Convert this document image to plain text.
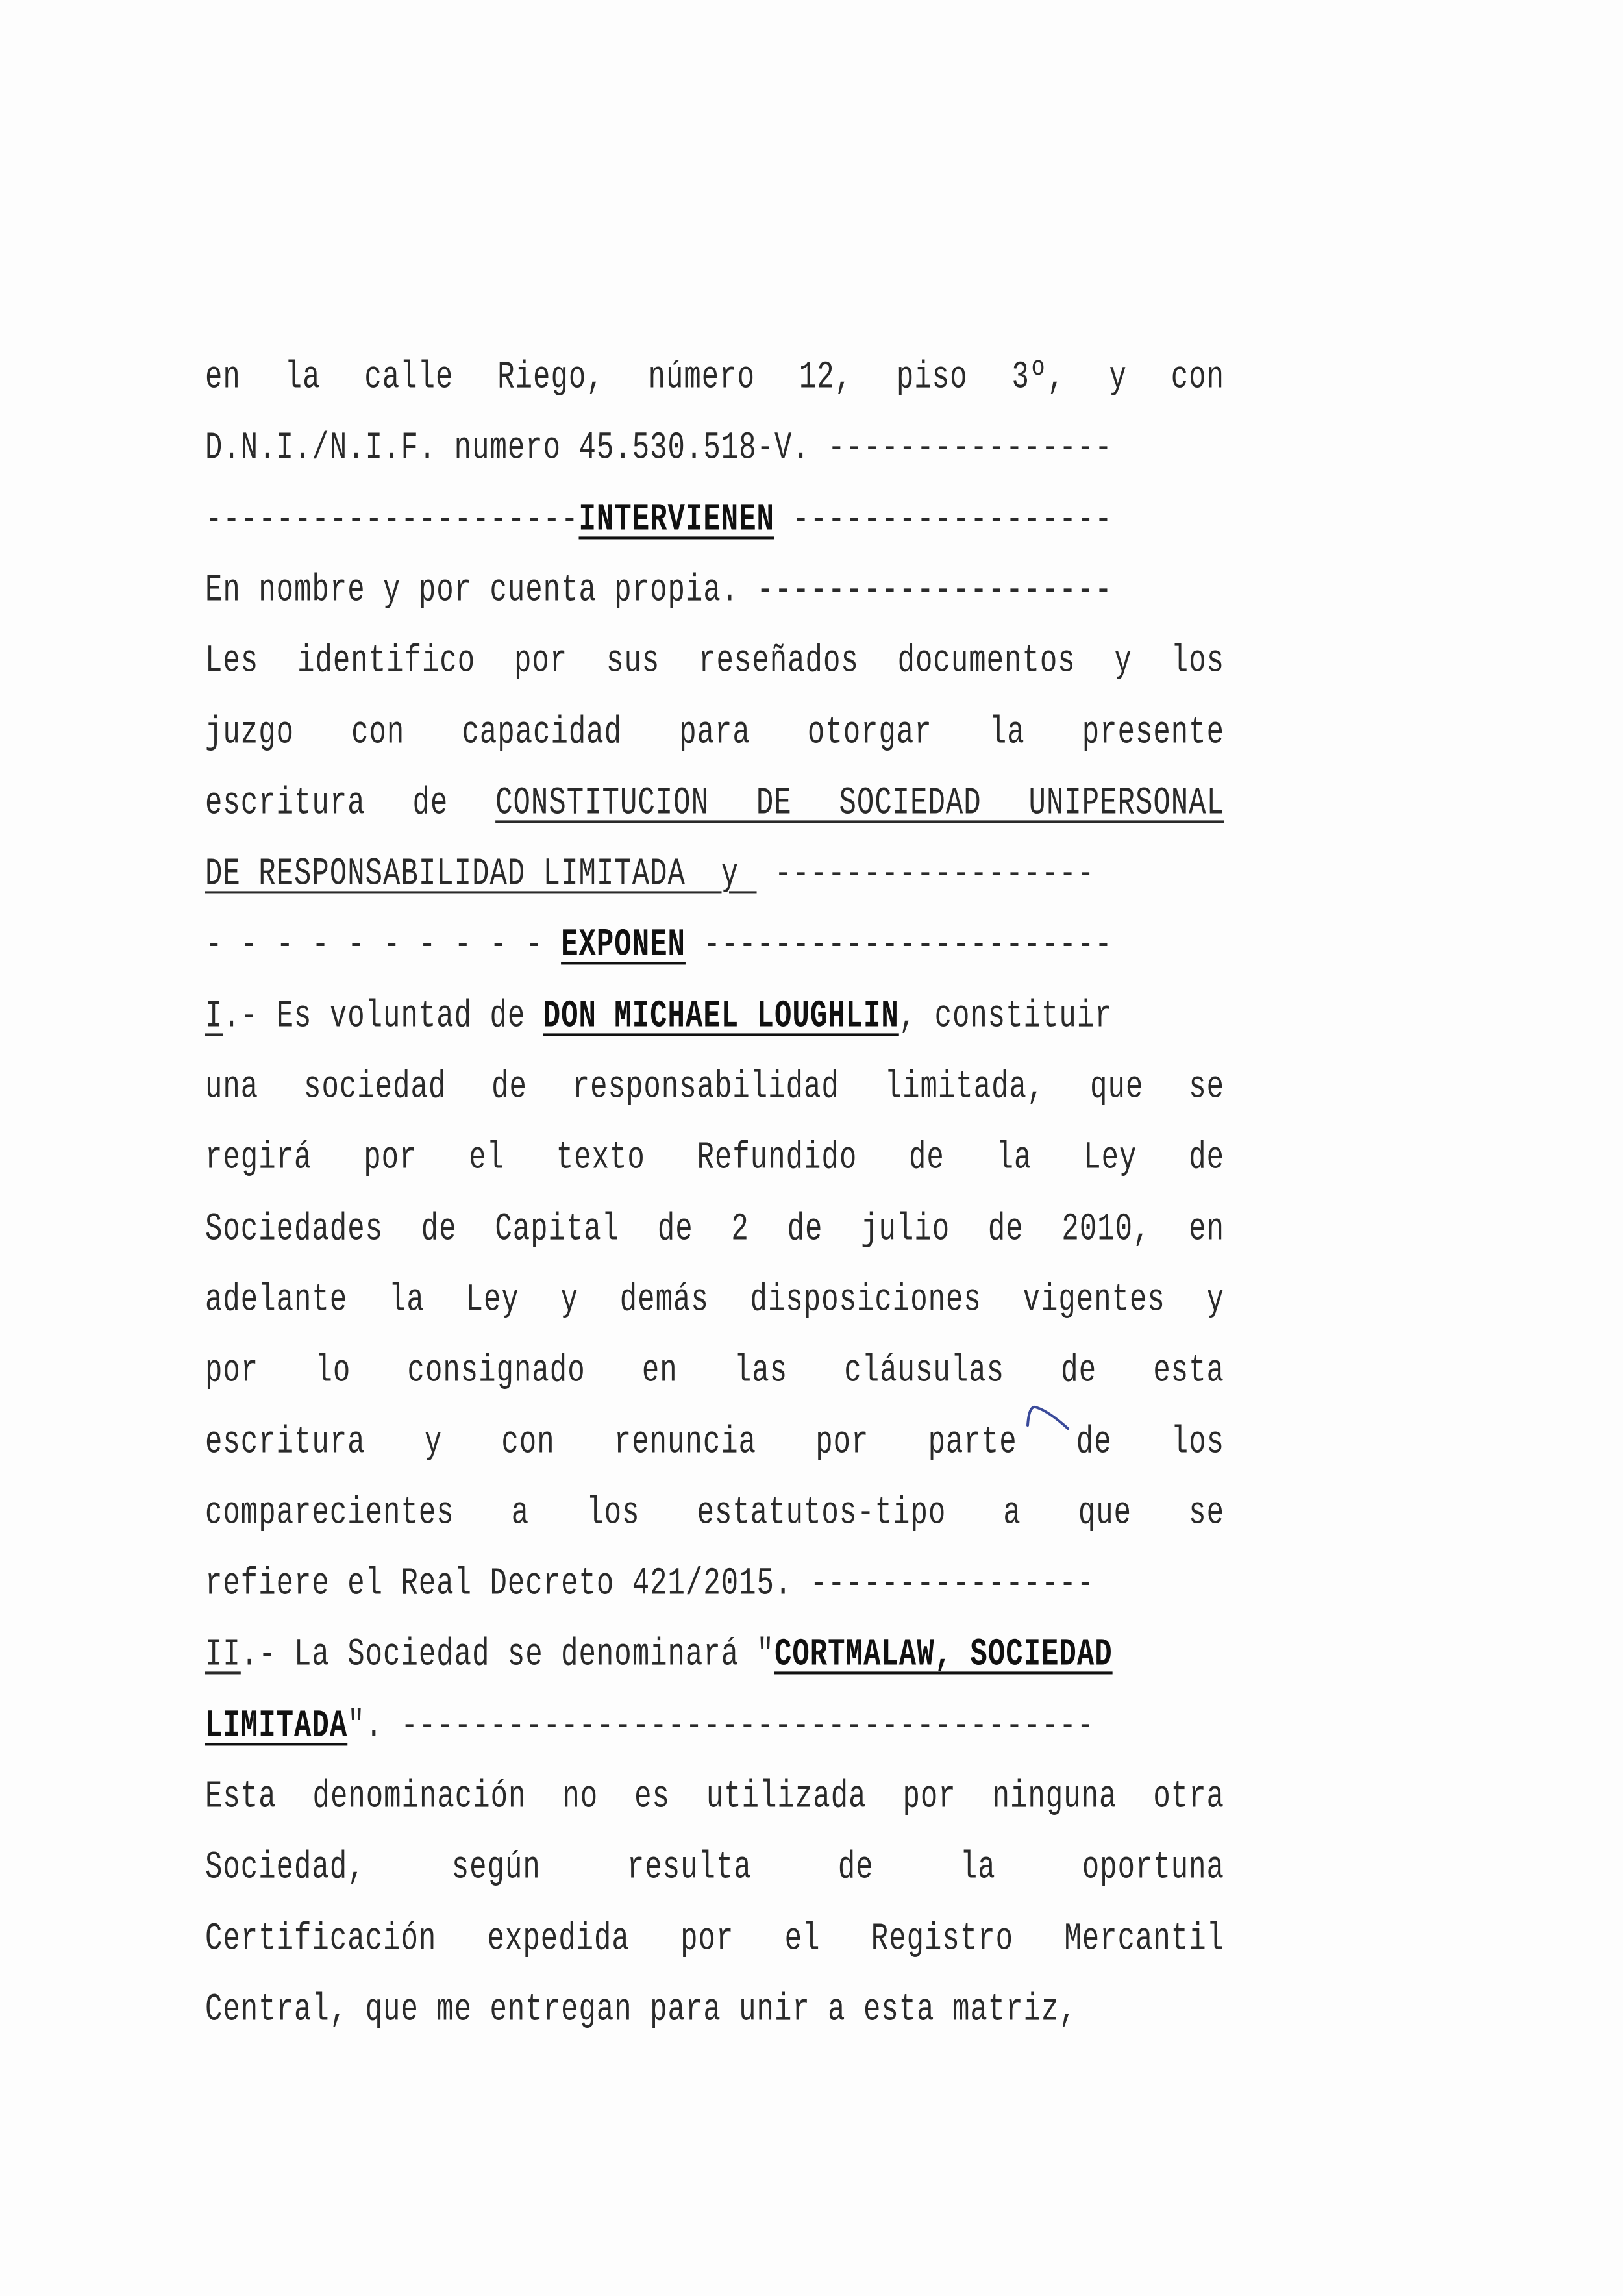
en la calle Riego, número 12, piso 3º, y con
D.N.I./N.I.F. numero 45.530.518-V. ----------------
---------------------INTERVIENEN ------------------
En nombre y por cuenta propia. --------------------
Les identifico por sus reseñados documentos y los
juzgo con capacidad para otorgar la presente
escritura de CONSTITUCION DE SOCIEDAD UNIPERSONAL
DE RESPONSABILIDAD LIMITADA  y  ------------------
- - - - - - - - - - EXPONEN -----------------------
I.- Es voluntad de DON MICHAEL LOUGHLIN, constituir
una sociedad de responsabilidad limitada, que se
regirá por el texto Refundido de la Ley de
Sociedades de Capital de 2 de julio de 2010, en
adelante la Ley y demás disposiciones vigentes y
por lo consignado en las cláusulas de esta
escritura y con renuncia por parte de los
comparecientes a los estatutos-tipo a que se
refiere el Real Decreto 421/2015. ----------------
II.- La Sociedad se denominará "CORTMALAW, SOCIEDAD
LIMITADA". ---------------------------------------
Esta denominación no es utilizada por ninguna otra
Sociedad, según resulta de la oportuna
Certificación expedida por el Registro Mercantil
Central, que me entregan para unir a esta matriz,
